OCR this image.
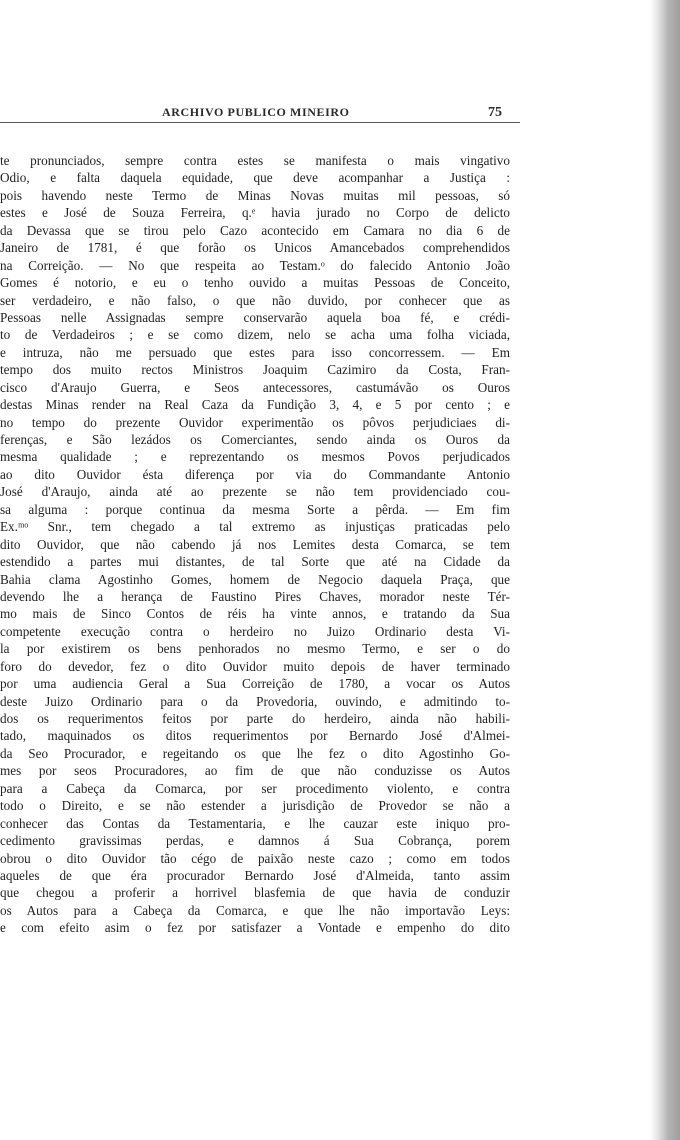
ARCHIVO PUBLICO MINEIRO	75
te pronunciados, sempre contra estes se manifesta o mais vingativo
Odio, e falta daquela equidade, que deve acompanhar a Justiça :
pois havendo neste Termo de Minas Novas muitas mil pessoas, só
estes e José de Souza Ferreira, q.ᵉ havia jurado no Corpo de delicto
da Devassa que se tirou pelo Cazo acontecido em Camara no dia 6 de
Janeiro de 1781, é que forão os Unicos Amancebados comprehendidos
na Correição. — No que respeita ao Testam.ᵒ do falecido Antonio João
Gomes é notorio, e eu o tenho ouvido a muitas Pessoas de Conceito,
ser verdadeiro, e não falso, o que não duvido, por conhecer que as
Pessoas nelle Assignadas sempre conservarão aquela boa fé, e crédi-
to de Verdadeiros ; e se como dizem, nelo se acha uma folha viciada,
e intruza, não me persuado que estes para isso concorressem. — Em
tempo dos muito rectos Ministros Joaquim Cazimiro da Costa, Fran-
cisco d'Araujo Guerra, e Seos antecessores, castumávão os Ouros
destas Minas render na Real Caza da Fundição 3, 4, e 5 por cento ; e
no tempo do prezente Ouvidor experimentão os pôvos perjudiciaes di-
ferenças, e São lezádos os Comerciantes, sendo ainda os Ouros da
mesma qualidade ; e reprezentando os mesmos Povos perjudicados
ao dito Ouvidor ésta diferença por via do Commandante Antonio
José d'Araujo, ainda até ao prezente se não tem providenciado cou-
sa alguma : porque continua da mesma Sorte a pêrda. — Em fim
Ex.ᵐᵒ Snr., tem chegado a tal extremo as injustiças praticadas pelo
dito Ouvidor, que não cabendo já nos Lemites desta Comarca, se tem
estendido a partes mui distantes, de tal Sorte que até na Cidade da
Bahia clama Agostinho Gomes, homem de Negocio daquela Praça, que
devendo lhe a herança de Faustino Pires Chaves, morador neste Tér-
mo mais de Sinco Contos de réis ha vinte annos, e tratando da Sua
competente execução contra o herdeiro no Juizo Ordinario desta Vi-
la por existirem os bens penhorados no mesmo Termo, e ser o do
foro do devedor, fez o dito Ouvidor muito depois de haver terminado
por uma audiencia Geral a Sua Correição de 1780, a vocar os Autos
deste Juizo Ordinario para o da Provedoria, ouvindo, e admitindo to-
dos os requerimentos feitos por parte do herdeiro, ainda não habili-
tado, maquinados os ditos requerimentos por Bernardo José d'Almei-
da Seo Procurador, e regeitando os que lhe fez o dito Agostinho Go-
mes por seos Procuradores, ao fim de que não conduzisse os Autos
para a Cabeça da Comarca, por ser procedimento violento, e contra
todo o Direito, e se não estender a jurisdição de Provedor se não a
conhecer das Contas da Testamentaria, e lhe cauzar este iniquo pro-
cedimento gravissimas perdas, e damnos á Sua Cobrança, porem
obrou o dito Ouvidor tão cégo de paixão neste cazo ; como em todos
aqueles de que éra procurador Bernardo José d'Almeida, tanto assim
que chegou a proferir a horrivel blasfemia de que havia de conduzir
os Autos para a Cabeça da Comarca, e que lhe não importavão Leys:
e com efeito asim o fez por satisfazer a Vontade e empenho do dito
